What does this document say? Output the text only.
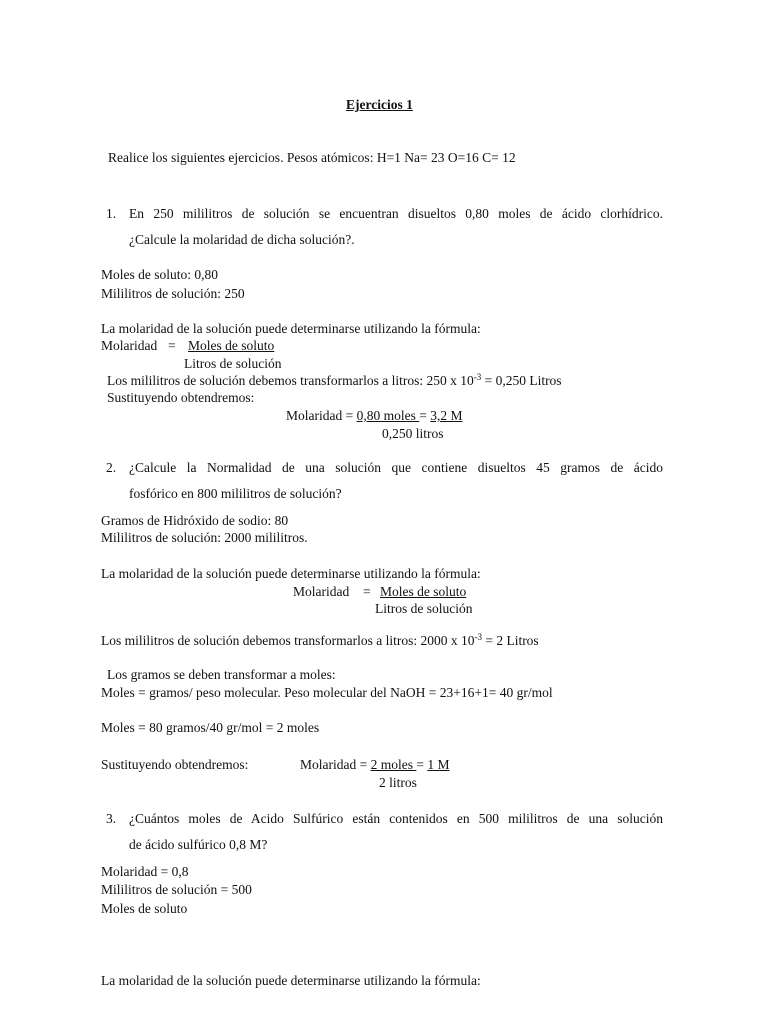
Ejercicios 1
Realice los siguientes ejercicios. Pesos atómicos: H=1 Na= 23 O=16 C= 12
1. En 250 mililitros de solución se encuentran disueltos 0,80 moles de ácido clorhídrico.
¿Calcule la molaridad de dicha solución?.
Moles de soluto: 0,80
Mililitros de solución: 250
La molaridad de la solución puede determinarse utilizando la fórmula:
Molaridad = Moles de soluto
Litros de solución
Los mililitros de solución debemos transformarlos a litros: 250 x $10^{-3} = 0,250$ Litros
Sustituyendo obtendremos:
Molaridad = 0,80 moles = 3,2 M
0,250 litros
2. ¿Calcule la Normalidad de una solución que contiene disueltos 45 gramos de ácido
fosfórico en 800 mililitros de solución?
Gramos de Hidróxido de sodio: 80
Mililitros de solución: 2000 mililitros.
La molaridad de la solución puede determinarse utilizando la fórmula:
Molaridad = Moles de soluto
Litros de solución
Los mililitros de solución debemos transformarlos a litros: 2000 x $10^{-3} = 2$ Litros
Los gramos se deben transformar a moles:
Moles = gramos/ peso molecular. Peso molecular del NaOH = 23+16+1= 40 gr/mol
Moles = 80 gramos/40 gr/mol = 2 moles
Sustituyendo obtendremos:	Molaridad = 2 moles = 1 M
2 litros
3. ¿Cuántos moles de Acido Sulfúrico están contenidos en 500 mililitros de una solución
de ácido sulfúrico 0,8 M?
Molaridad = 0,8
Mililitros de solución = 500
Moles de soluto
La molaridad de la solución puede determinarse utilizando la fórmula:
